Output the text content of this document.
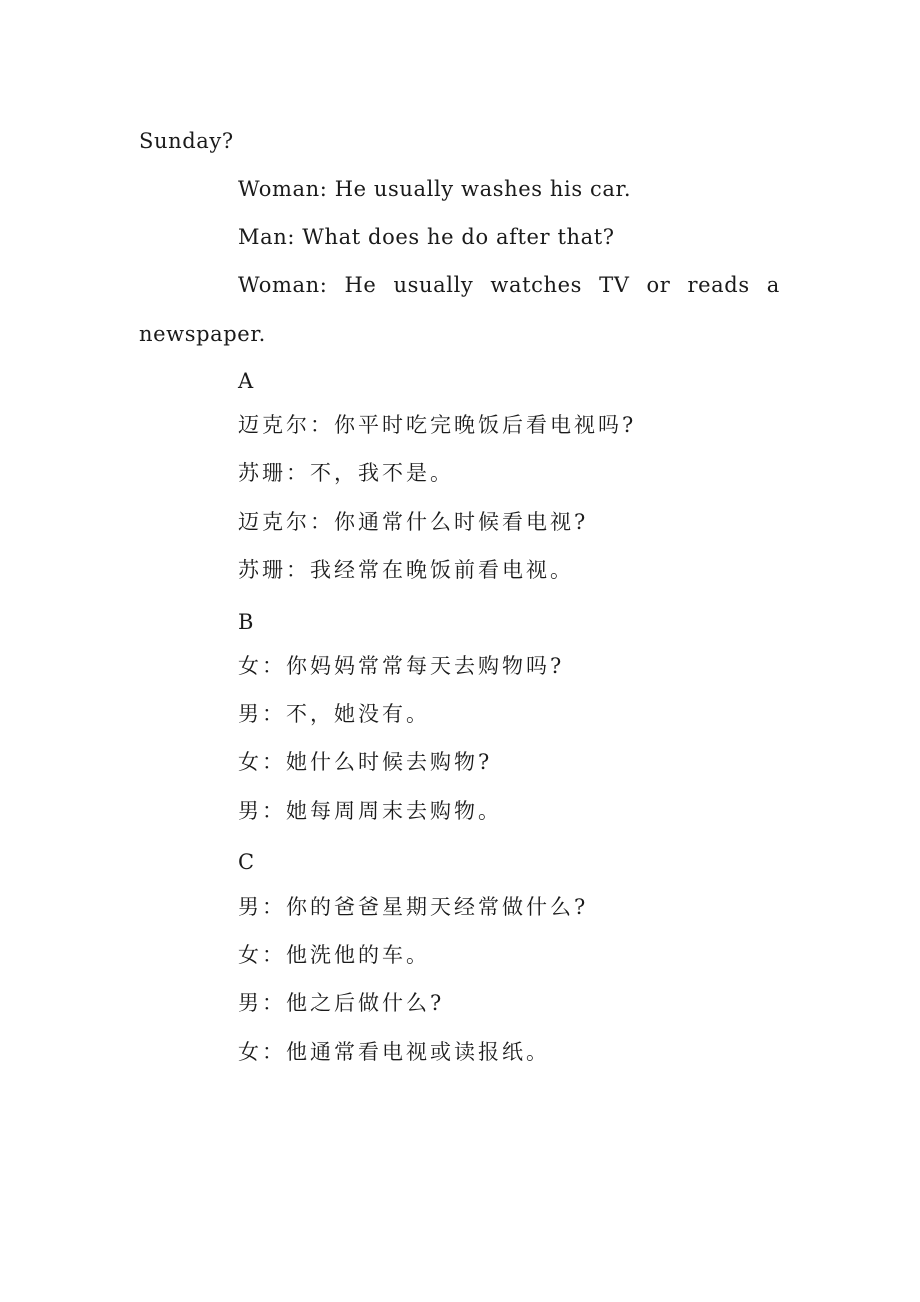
Sunday?
Woman: He usually washes his car.
Man: What does he do after that?
Woman: He usually watches TV or reads a
newspaper.
A
迈克尔：你平时吃完晚饭后看电视吗?
苏珊：不，我不是。
迈克尔：你通常什么时候看电视?
苏珊：我经常在晚饭前看电视。
B
女：你妈妈常常每天去购物吗?
男：不，她没有。
女：她什么时候去购物?
男：她每周周末去购物。
C
男：你的爸爸星期天经常做什么?
女：他洗他的车。
男：他之后做什么?
女：他通常看电视或读报纸。
